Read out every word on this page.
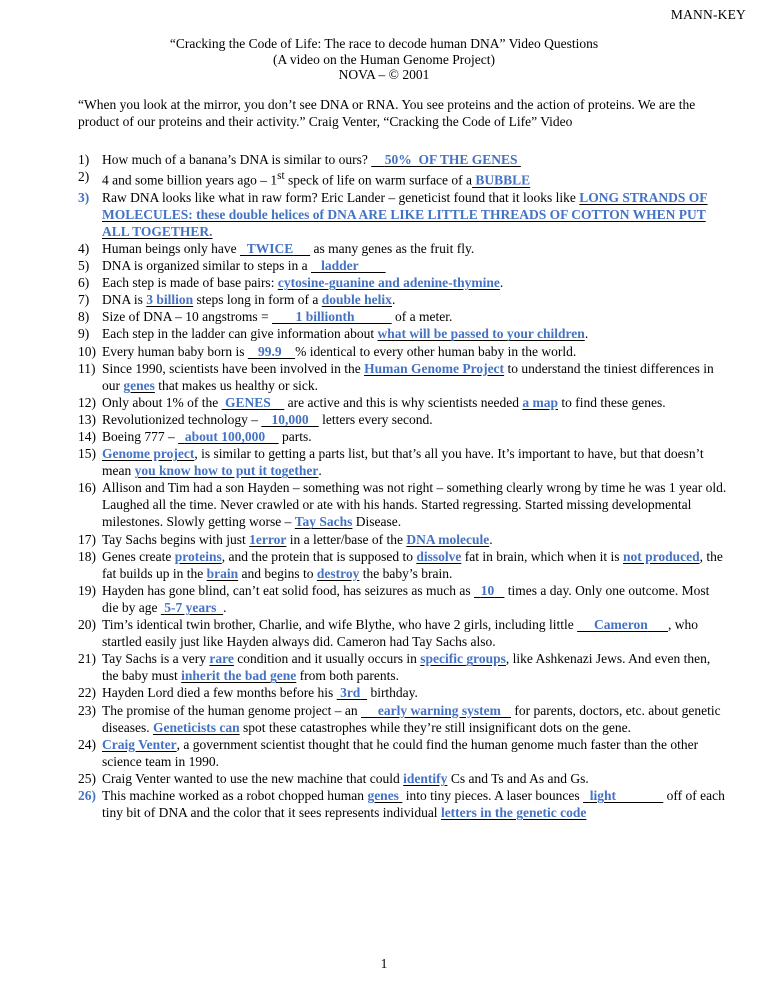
MANN-KEY
“Cracking the Code of Life: The race to decode human DNA” Video Questions
(A video on the Human Genome Project)
NOVA – © 2001
“When you look at the mirror, you don’t see DNA or RNA. You see proteins and the action of proteins. We are the product of our proteins and their activity.” Craig Venter, “Cracking the Code of Life” Video
1) How much of a banana’s DNA is similar to ours?     50%  OF THE GENES
2) 4 and some billion years ago – 1st speck of life on warm surface of a BUBBLE
3) Raw DNA looks like what in raw form? Eric Lander – geneticist found that it looks like LONG STRANDS OF MOLECULES: these double helices of DNA ARE LIKE LITTLE THREADS OF COTTON WHEN PUT ALL TOGETHER.
4) Human beings only have   TWICE      as many genes as the fruit fly.
5) DNA is organized similar to steps in a    ladder
6) Each step is made of base pairs: cytosine-guanine and adenine-thymine.
7) DNA is 3 billion steps long in form of a double helix.
8) Size of DNA – 10 angstroms =        1 billionth	of a meter.
9) Each step in the ladder can give information about what will be passed to your children.
10) Every human baby born is    99.9 % identical to every other human baby in the world.
11) Since 1990, scientists have been involved in the Human Genome Project to understand the tiniest differences in our genes that makes us healthy or sick.
12) Only about 1% of the  GENES     are active and this is why scientists needed a map to find these genes.
13) Revolutionized technology –    10,000    letters every second.
14) Boeing 777 –   about 100,000     parts.
15) Genome project, is similar to getting a parts list, but that’s all you have. It’s important to have, but that doesn’t mean you know how to put it together.
16) Allison and Tim had a son Hayden – something was not right – something clearly wrong by time he was 1 year old. Laughed all the time. Never crawled or ate with his hands. Started regressing. Started missing developmental milestones. Slowly getting worse – Tay Sachs Disease.
17) Tay Sachs begins with just 1error in a letter/base of the DNA molecule.
18) Genes create proteins, and the protein that is supposed to dissolve fat in brain, which when it is not produced, the fat builds up in the brain and begins to destroy the baby’s brain.
19) Hayden has gone blind, can’t eat solid food, has seizures as much as   10    times a day. Only one outcome. Most die by age  5-7 years .
20) Tim’s identical twin brother, Charlie, and wife Blythe, who have 2 girls, including little      Cameron , who startled easily just like Hayden always did. Cameron had Tay Sachs also.
21) Tay Sachs is a very rare condition and it usually occurs in specific groups, like Ashkenazi Jews. And even then, the baby must inherit the bad gene from both parents.
22) Hayden Lord died a few months before his  3rd   birthday.
23) The promise of the human genome project – an      early warning system    for parents, doctors, etc. about genetic diseases. Geneticists can spot these catastrophes while they’re still insignificant dots on the gene.
24) Craig Venter, a government scientist thought that he could find the human genome much faster than the other science team in 1990.
25) Craig Venter wanted to use the new machine that could identify Cs and Ts and As and Gs.
26) This machine worked as a robot chopped human genes  into tiny pieces. A laser bounces   light	off of each tiny bit of DNA and the color that it sees represents individual letters in the genetic code
1
